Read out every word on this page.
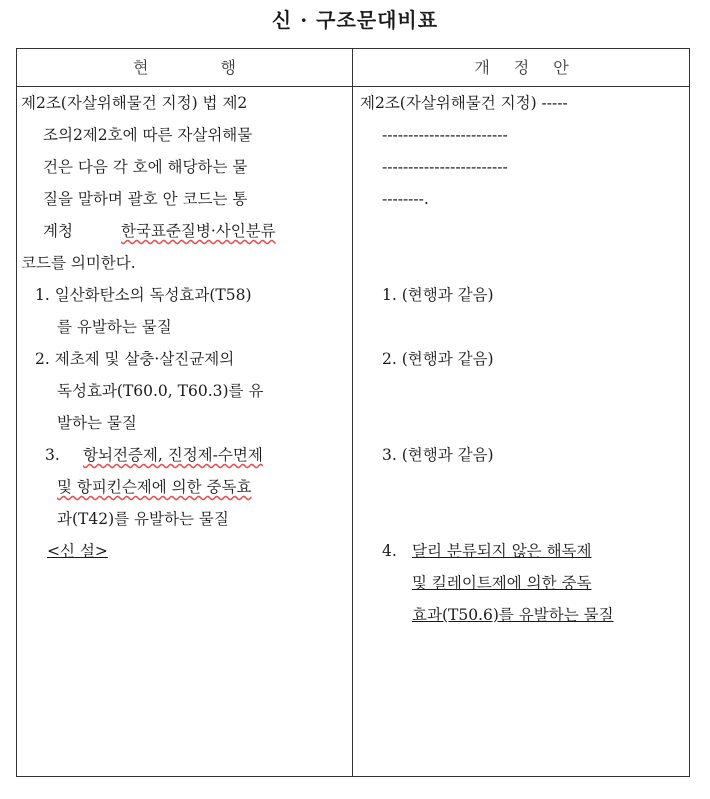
신 · 구조문대비표
현행	개정안
제2조(자살위해물건 지정) 법 제2
조의2제2호에 따른 자살위해물
건은 다음 각 호에 해당하는 물
질을 말하며 괄호 안 코드는 통
계청	한국표준질병·사인분류
코드를 의미한다.
1. 일산화탄소의 독성효과(T58)
를 유발하는 물질
2. 제초제 및 살충·살진균제의
독성효과(T60.0, T60.3)를 유
발하는 물질
3. 항뇌전증제, 진정제-수면제
및 항피킨슨제에 의한 중독효
과(T42)를 유발하는 물질
<신 설>
제2조(자살위해물건 지정) -----
------------------------
------------------------
--------.
1. (현행과 같음)
2. (현행과 같음)
3. (현행과 같음)
4. 달리 분류되지 않은 해독제
및 킬레이트제에 의한 중독
효과(T50.6)를 유발하는 물질
